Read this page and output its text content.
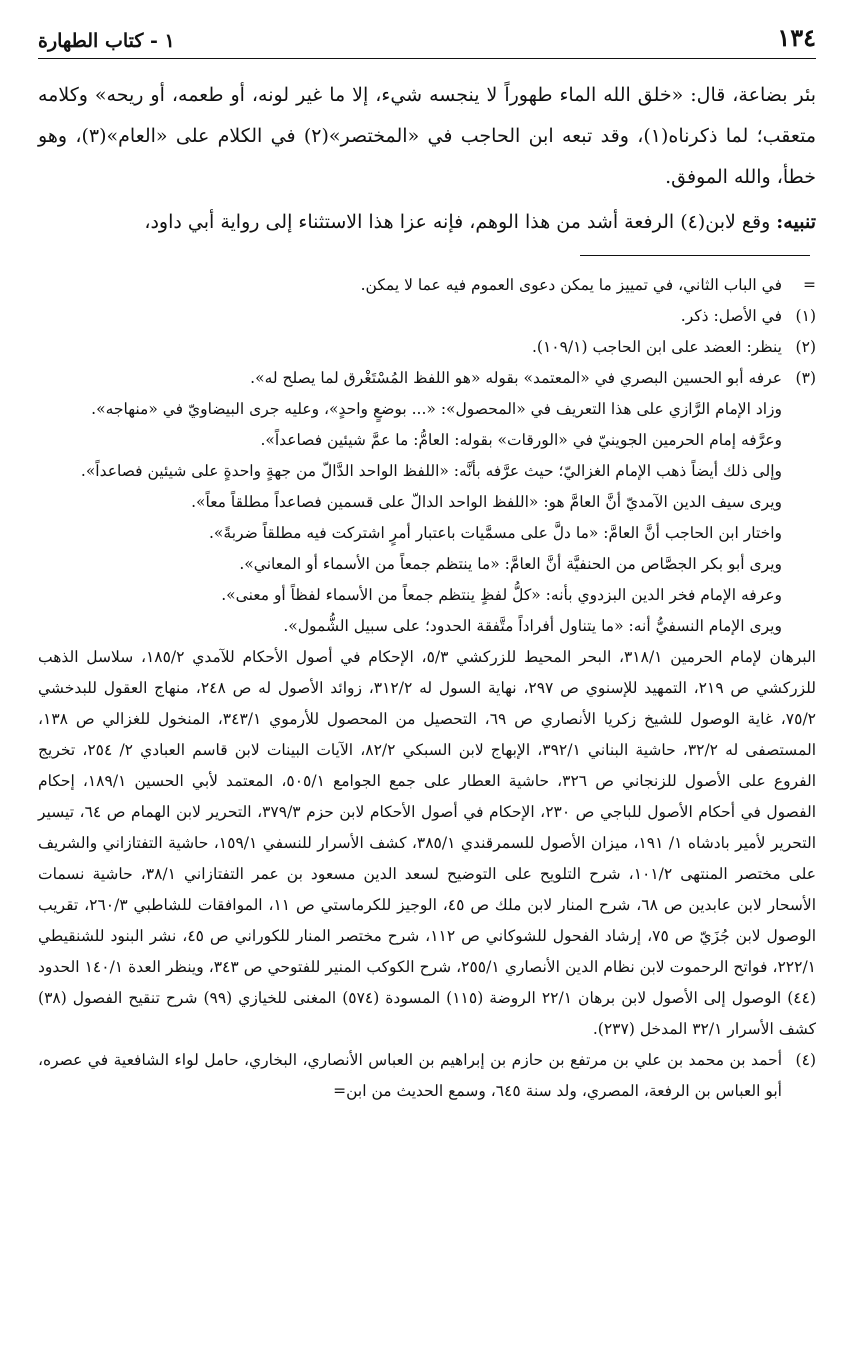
١٣٤
١ - كتاب الطهارة

بئر بضاعة، قال: «خلق الله الماء طهوراً لا ينجسه شيء، إلا ما غير لونه، أو طعمه، أو ريحه» وكلامه متعقب؛ لما ذكرناه(١)، وقد تبعه ابن الحاجب في «المختصر»(٢) في الكلام على «العام»(٣)، وهو خطأ، والله الموفق.

تنبيه: وقع لابن(٤) الرفعة أشد من هذا الوهم، فإنه عزا هذا الاستثناء إلى رواية أبي داود،

=
في الباب الثاني، في تمييز ما يمكن دعوى العموم فيه عما لا يمكن.
(١)
في الأصل: ذكر.
(٢)
ينظر: العضد على ابن الحاجب (١٠٩/١).
(٣)
عرفه أبو الحسين البصري في «المعتمد» بقوله «هو اللفظ المُسْتَغْرق لما يصلح له».

وزاد الإمام الرَّازي على هذا التعريف في «المحصول»: «... بوضعٍ واحدٍ»، وعليه جرى البيضاويّ في «منهاجه».

وعرَّفه إمام الحرمين الجوينيّ في «الورقات» بقوله: العامُّ: ما عمَّ شيئين فصاعداً».

وإلى ذلك أيضاً ذهب الإمام الغزاليّ؛ حيث عرَّفه بأنَّه: «اللفظ الواحد الدَّالّ من جهةٍ واحدةٍ على شيئين فصاعداً».

ويرى سيف الدين الآمديّ أنَّ العامَّ هو: «اللفظ الواحد الدالّ على قسمين فصاعداً مطلقاً معاً».

واختار ابن الحاجب أنَّ العامَّ: «ما دلَّ على مسمَّيات باعتبار أمرٍ اشتركت فيه مطلقاً ضربةً».

ويرى أبو بكر الجصَّاص من الحنفيَّة أنَّ العامَّ: «ما ينتظم جمعاً من الأسماء أو المعاني».

وعرفه الإمام فخر الدين البزدوي بأنه: «كلُّ لفظٍ ينتظم جمعاً من الأسماء لفظاً أو معنى».

ويرى الإمام النسفيُّ أنه: «ما يتناول أفراداً متَّفقة الحدود؛ على سبيل الشُّمول».

البرهان لإمام الحرمين ٣١٨/١، البحر المحيط للزركشي ٥/٣، الإحكام في أصول الأحكام للآمدي ١٨٥/٢، سلاسل الذهب للزركشي ص ٢١٩، التمهيد للإسنوي ص ٢٩٧، نهاية السول له ٣١٢/٢، زوائد الأصول له ص ٢٤٨، منهاج العقول للبدخشي ٧٥/٢، غاية الوصول للشيخ زكريا الأنصاري ص ٦٩، التحصيل من المحصول للأرموي ٣٤٣/١، المنخول للغزالي ص ١٣٨، المستصفى له ٣٢/٢، حاشية البناني ٣٩٢/١، الإبهاج لابن السبكي ٨٢/٢، الآيات البينات لابن قاسم العبادي ٢/ ٢٥٤، تخريج الفروع على الأصول للزنجاني ص ٣٢٦، حاشية العطار على جمع الجوامع ٥٠٥/١، المعتمد لأبي الحسين ١٨٩/١، إحكام الفصول في أحكام الأصول للباجي ص ٢٣٠، الإحكام في أصول الأحكام لابن حزم ٣٧٩/٣، التحرير لابن الهمام ص ٦٤، تيسير التحرير لأمير بادشاه ١/ ١٩١، ميزان الأصول للسمرقندي ٣٨٥/١، كشف الأسرار للنسفي ١٥٩/١، حاشية التفتازاني والشريف على مختصر المنتهى ١٠١/٢، شرح التلويح على التوضيح لسعد الدين مسعود بن عمر التفتازاني ٣٨/١، حاشية نسمات الأسحار لابن عابدين ص ٦٨، شرح المنار لابن ملك ص ٤٥، الوجيز للكرماستي ص ١١، الموافقات للشاطبي ٢٦٠/٣، تقريب الوصول لابن جُزَيّ ص ٧٥، إرشاد الفحول للشوكاني ص ١١٢، شرح مختصر المنار للكوراني ص ٤٥، نشر البنود للشنقيطي ٢٢٢/١، فواتح الرحموت لابن نظام الدين الأنصاري ٢٥٥/١، شرح الكوكب المنير للفتوحي ص ٣٤٣، وينظر العدة ١٤٠/١ الحدود (٤٤) الوصول إلى الأصول لابن برهان ٢٢/١ الروضة (١١٥) المسودة (٥٧٤) المغنى للخيازي (٩٩) شرح تنقيح الفصول (٣٨) كشف الأسرار ٣٢/١ المدخل (٢٣٧).

(٤)
أحمد بن محمد بن علي بن مرتفع بن حازم بن إبراهيم بن العباس الأنصاري، البخاري، حامل لواء الشافعية في عصره، أبو العباس بن الرفعة، المصري، ولد سنة ٦٤٥، وسمع الحديث من ابن=
